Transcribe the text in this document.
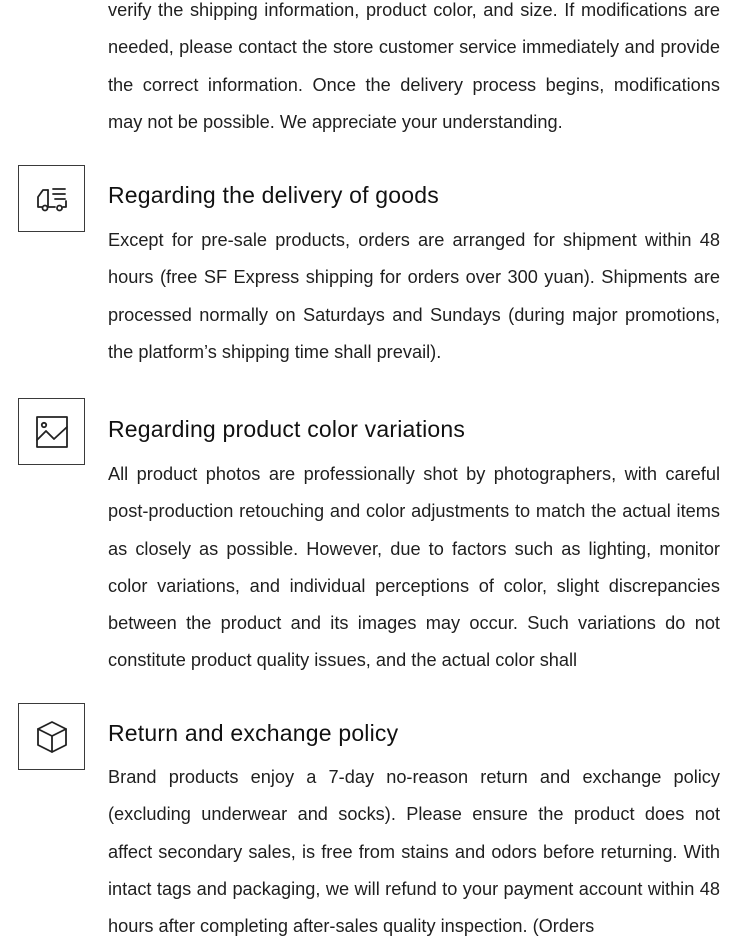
verify the shipping information, product color, and size. If modifications are needed, please contact the store customer service immediately and provide the correct information. Once the delivery process begins, modifications may not be possible. We appreciate your understanding.
Regarding the delivery of goods
Except for pre-sale products, orders are arranged for shipment within 48 hours (free SF Express shipping for orders over 300 yuan). Shipments are processed normally on Saturdays and Sundays (during major promotions, the platform’s shipping time shall prevail).
Regarding product color variations
All product photos are professionally shot by photographers, with careful post-production retouching and color adjustments to match the actual items as closely as possible. However, due to factors such as lighting, monitor color variations, and individual perceptions of color, slight discrepancies between the product and its images may occur. Such variations do not constitute product quality issues, and the actual color shall
Return and exchange policy
Brand products enjoy a 7-day no-reason return and exchange policy (excluding underwear and socks). Please ensure the product does not affect secondary sales, is free from stains and odors before returning. With intact tags and packaging, we will refund to your payment account within 48 hours after completing after-sales quality inspection. (Orders
